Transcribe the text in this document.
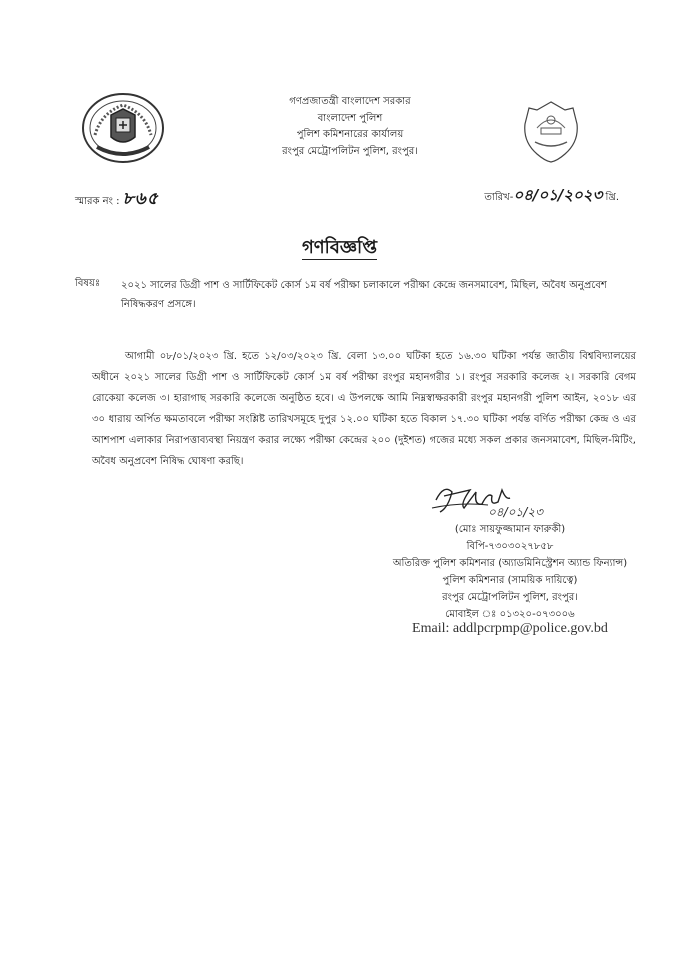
গণপ্রজাতন্ত্রী বাংলাদেশ সরকার
বাংলাদেশ পুলিশ
পুলিশ কমিশনারের কার্যালয়
রংপুর মেট্রোপলিটন পুলিশ, রংপুর।
স্মারক নং : ৮৬৫	তারিখ-০৪/০১/২০২৩ খ্রি.
গণবিজ্ঞপ্তি
বিষয়ঃ ২০২১ সালের ডিগ্রী পাশ ও সার্টিফিকেট কোর্স ১ম বর্ষ পরীক্ষা চলাকালে পরীক্ষা কেন্দ্রে জনসমাবেশ, মিছিল, অবৈধ অনুপ্রবেশ নিষিদ্ধকরণ প্রসঙ্গে।

আগামী ০৮/০১/২০২৩ খ্রি. হতে ১২/০৩/২০২৩ খ্রি. বেলা ১৩.০০ ঘটিকা হতে ১৬.৩০ ঘটিকা পর্যন্ত জাতীয় বিশ্ববিদ্যালয়ের অধীনে ২০২১ সালের ডিগ্রী পাশ ও সার্টিফিকেট কোর্স ১ম বর্ষ পরীক্ষা রংপুর মহানগরীর ১। রংপুর সরকারি কলেজ ২। সরকারি বেগম রোকেয়া কলেজ ৩। হারাগাছ সরকারি কলেজে অনুষ্ঠিত হবে। এ উপলক্ষে আমি নিম্নস্বাক্ষরকারী রংপুর মহানগরী পুলিশ আইন, ২০১৮ এর ৩০ ধারায় অর্পিত ক্ষমতাবলে পরীক্ষা সংশ্লিষ্ট তারিখসমূহে দুপুর ১২.০০ ঘটিকা হতে বিকাল ১৭.৩০ ঘটিকা পর্যন্ত বর্ণিত পরীক্ষা কেন্দ্র ও এর আশপাশ এলাকার নিরাপত্তাব্যবস্থা নিয়ন্ত্রণ করার লক্ষ্যে পরীক্ষা কেন্দ্রের ২০০ (দুইশত) গজের মধ্যে সকল প্রকার জনসমাবেশ, মিছিল-মিটিং, অবৈধ অনুপ্রবেশ নিষিদ্ধ ঘোষণা করছি।

০৪/০১/২৩
(মোঃ সায়ফুজ্জামান ফারুকী)
বিপি-৭৩০৩০২৭৮৫৮
অতিরিক্ত পুলিশ কমিশনার (অ্যাডমিনিস্ট্রেশন অ্যান্ড ফিন্যান্স)
পুলিশ কমিশনার (সাময়িক দায়িত্বে)
রংপুর মেট্রোপলিটন পুলিশ, রংপুর।
মোবাইল ঃ ০১৩২০-০৭৩০০৬
Email: addlpcrpmp@police.gov.bd
